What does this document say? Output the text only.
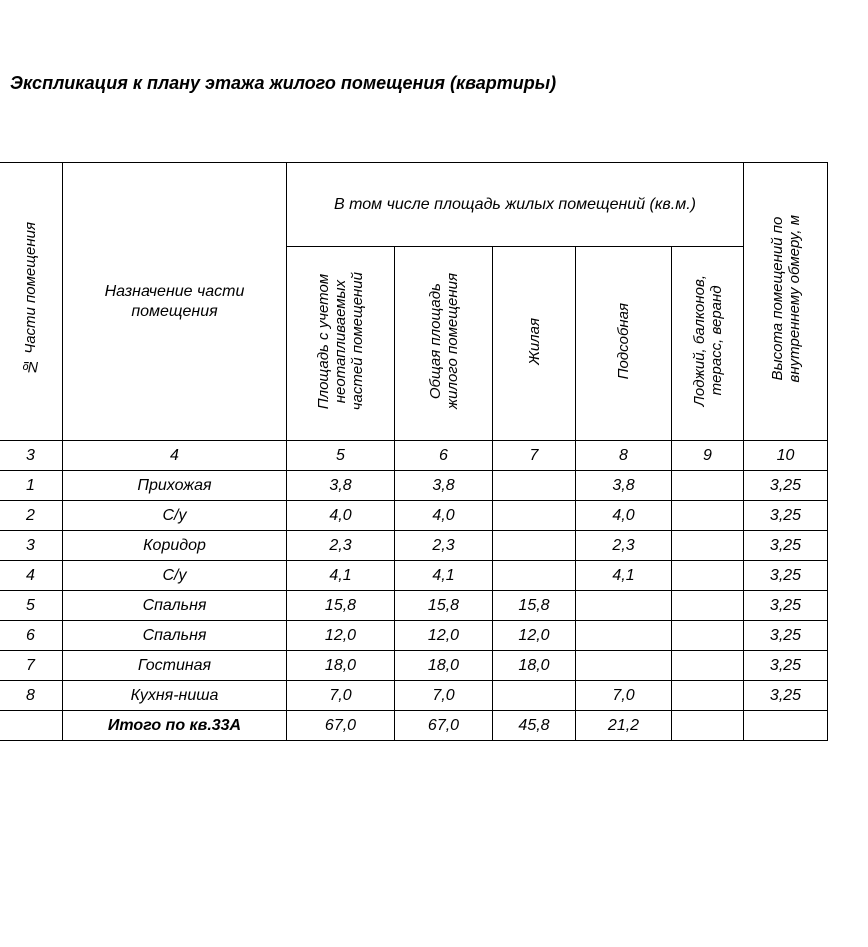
Экспликация к плану этажа жилого помещения (квартиры)
№ Части помещения	Назначение части помещения	В том числе площадь жилых помещений (кв.м.)					Высота помещений по
внутреннему обмеру, м
		Площадь с учетом
неотапливаемых
частей помещений	Общая площадь
жилого помещения	Жилая	Подсобная	Лоджий, балконов,
терасс, веранд	
3	4	5	6	7	8	9	10
1	Прихожая	3,8	3,8		3,8		3,25
2	С/у	4,0	4,0		4,0		3,25
3	Коридор	2,3	2,3		2,3		3,25
4	С/у	4,1	4,1		4,1		3,25
5	Спальня	15,8	15,8	15,8			3,25
6	Спальня	12,0	12,0	12,0			3,25
7	Гостиная	18,0	18,0	18,0			3,25
8	Кухня-ниша	7,0	7,0		7,0		3,25
	Итого по кв.33А	67,0	67,0	45,8	21,2		
